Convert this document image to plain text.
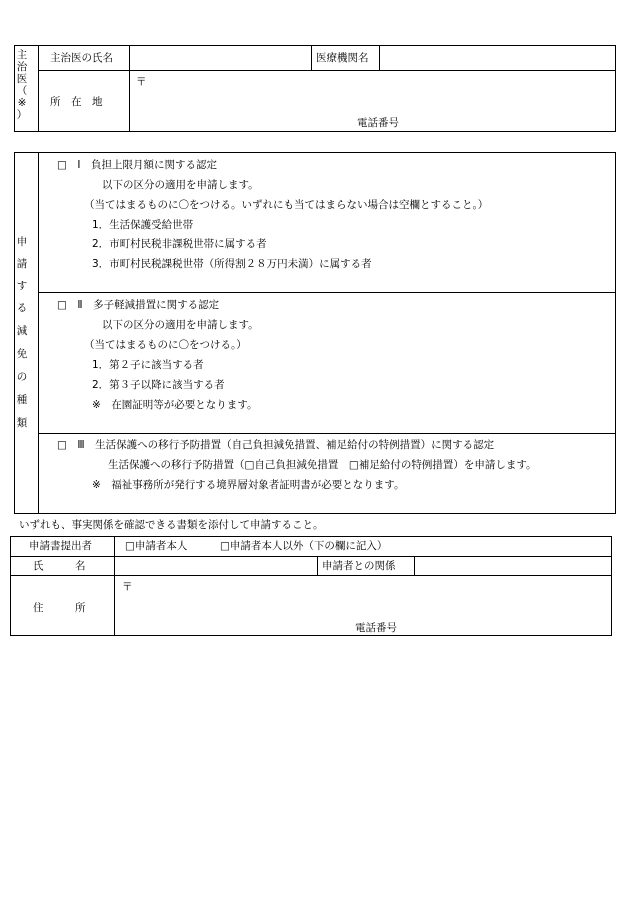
主
治
医
（
※
）
主治医の氏名	医療機関名
所　在　地
〒
電話番号
申
請
す
る
減
免
の
種
類
□　Ⅰ　負担上限月額に関する認定
以下の区分の適用を申請します。
（当てはまるものに〇をつける。いずれにも当てはまらない場合は空欄とすること。）
1．生活保護受給世帯
2．市町村民税非課税世帯に属する者
3．市町村民税課税世帯（所得割２８万円未満）に属する者
□　Ⅱ　多子軽減措置に関する認定
以下の区分の適用を申請します。
（当てはまるものに〇をつける。）
1．第２子に該当する者
2．第３子以降に該当する者
※　在園証明等が必要となります。
□　Ⅲ　生活保護への移行予防措置（自己負担減免措置、補足給付の特例措置）に関する認定
生活保護への移行予防措置（□自己負担減免措置　□補足給付の特例措置）を申請します。
※　福祉事務所が発行する境界層対象者証明書が必要となります。
いずれも、事実関係を確認できる書類を添付して申請すること。
申請書提出者	□申請者本人	□申請者本人以外（下の欄に記入）
氏　　　名	申請者との関係
住　　　所
〒
電話番号
